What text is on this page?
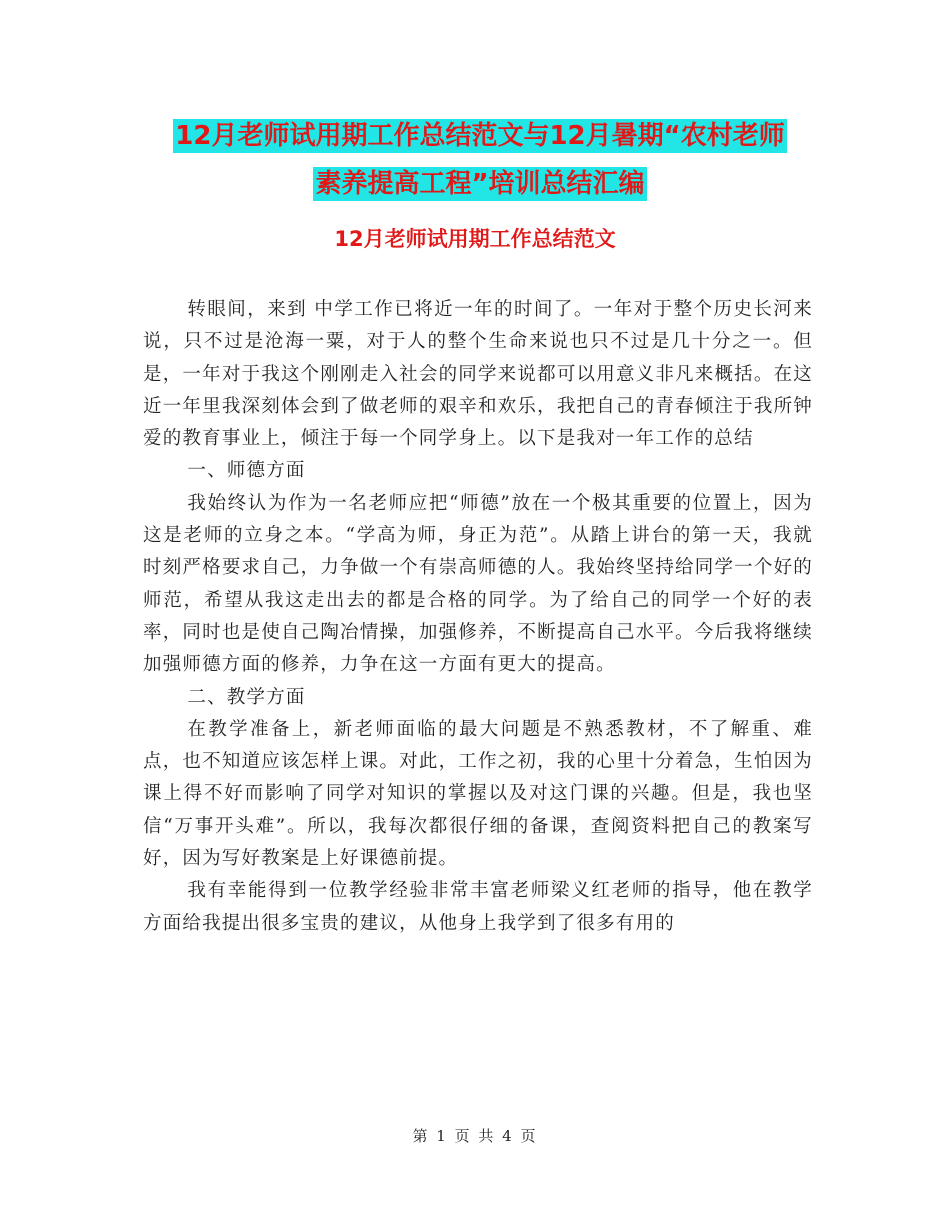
12月老师试用期工作总结范文与12月暑期“农村老师
素养提高工程”培训总结汇编
12月老师试用期工作总结范文

转眼间，来到 中学工作已将近一年的时间了。一年对于整个历史长河来说，只不过是沧海一粟，对于人的整个生命来说也只不过是几十分之一。但是，一年对于我这个刚刚走入社会的同学来说都可以用意义非凡来概括。在这近一年里我深刻体会到了做老师的艰辛和欢乐，我把自己的青春倾注于我所钟爱的教育事业上，倾注于每一个同学身上。以下是我对一年工作的总结

一、师德方面

我始终认为作为一名老师应把“师德”放在一个极其重要的位置上，因为这是老师的立身之本。“学高为师，身正为范”。从踏上讲台的第一天，我就时刻严格要求自己，力争做一个有崇高师德的人。我始终坚持给同学一个好的师范，希望从我这走出去的都是合格的同学。为了给自己的同学一个好的表率，同时也是使自己陶冶情操，加强修养，不断提高自己水平。今后我将继续加强师德方面的修养，力争在这一方面有更大的提高。

二、教学方面

在教学准备上，新老师面临的最大问题是不熟悉教材，不了解重、难点，也不知道应该怎样上课。对此，工作之初，我的心里十分着急，生怕因为课上得不好而影响了同学对知识的掌握以及对这门课的兴趣。但是，我也坚信“万事开头难”。所以，我每次都很仔细的备课，查阅资料把自己的教案写好，因为写好教案是上好课德前提。

我有幸能得到一位教学经验非常丰富老师梁义红老师的指导，他在教学方面给我提出很多宝贵的建议，从他身上我学到了很多有用的

第 1 页 共 4 页
